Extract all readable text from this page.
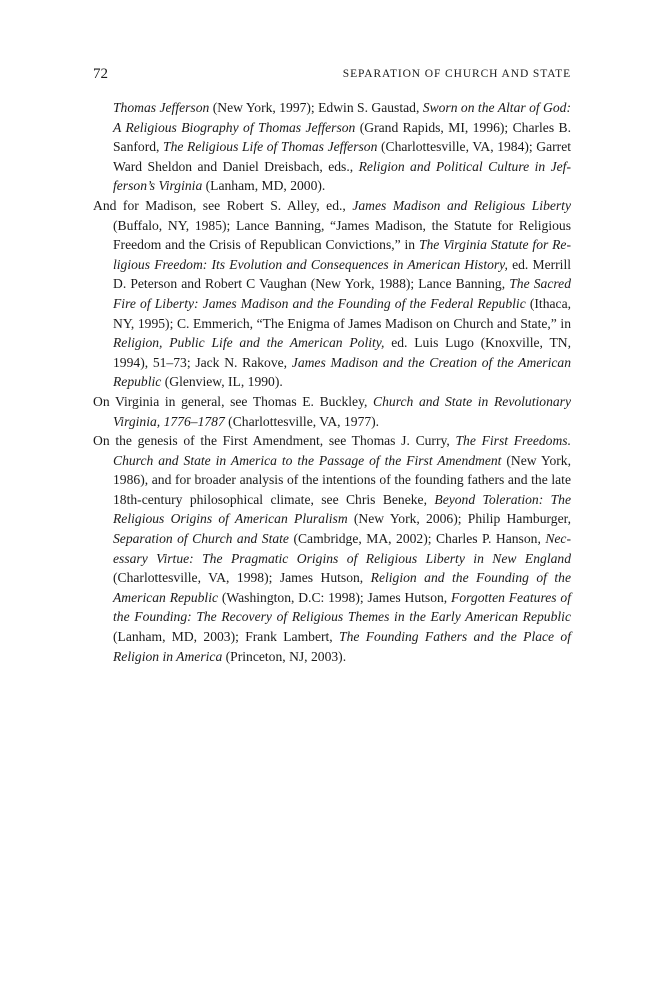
72	SEPARATION OF CHURCH AND STATE
Thomas Jefferson (New York, 1997); Edwin S. Gaustad, Sworn on the Altar of God: A Religious Biography of Thomas Jefferson (Grand Rapids, MI, 1996); Charles B. Sanford, The Religious Life of Thomas Jefferson (Charlottesville, VA, 1984); Garret Ward Sheldon and Daniel Dreisbach, eds., Religion and Political Culture in Jefferson’s Virginia (Lanham, MD, 2000).
And for Madison, see Robert S. Alley, ed., James Madison and Religious Liberty (Buffalo, NY, 1985); Lance Banning, “James Madison, the Statute for Religious Freedom and the Crisis of Republican Convictions,” in The Virginia Statute for Religious Freedom: Its Evolution and Consequences in American History, ed. Merrill D. Peterson and Robert C Vaughan (New York, 1988); Lance Banning, The Sacred Fire of Liberty: James Madison and the Founding of the Federal Republic (Ithaca, NY, 1995); C. Emmerich, “The Enigma of James Madison on Church and State,” in Religion, Public Life and the American Polity, ed. Luis Lugo (Knoxville, TN, 1994), 51–73; Jack N. Rakove, James Madison and the Creation of the American Republic (Glenview, IL, 1990).
On Virginia in general, see Thomas E. Buckley, Church and State in Revolutionary Virginia, 1776–1787 (Charlottesville, VA, 1977).
On the genesis of the First Amendment, see Thomas J. Curry, The First Freedoms. Church and State in America to the Passage of the First Amendment (New York, 1986), and for broader analysis of the intentions of the founding fathers and the late 18th-century philosophical climate, see Chris Beneke, Beyond Toleration: The Religious Origins of American Pluralism (New York, 2006); Philip Hamburger, Separation of Church and State (Cambridge, MA, 2002); Charles P. Hanson, Necessary Virtue: The Pragmatic Origins of Religious Liberty in New England (Charlottesville, VA, 1998); James Hutson, Religion and the Founding of the American Republic (Washington, D.C: 1998); James Hutson, Forgotten Features of the Founding: The Recovery of Religious Themes in the Early American Republic (Lanham, MD, 2003); Frank Lambert, The Founding Fathers and the Place of Religion in America (Princeton, NJ, 2003).
